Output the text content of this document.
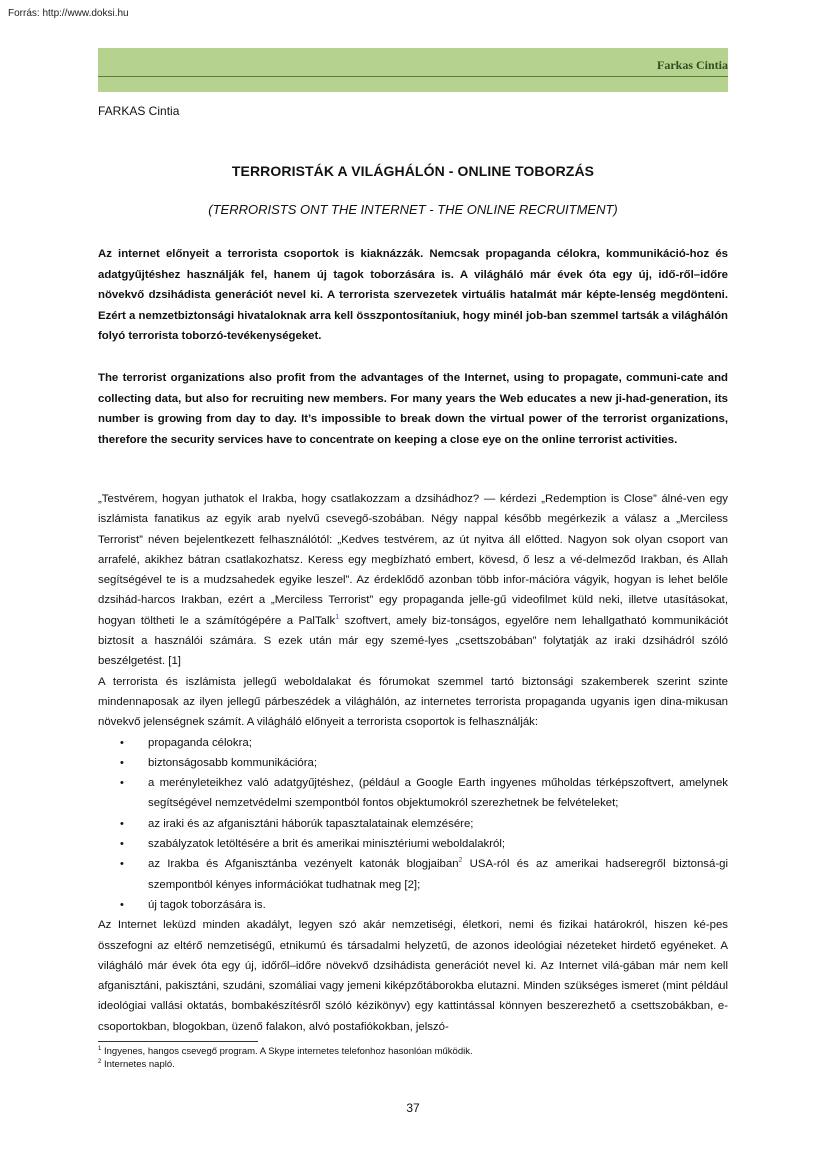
Forrás: http://www.doksi.hu
Farkas Cintia
FARKAS Cintia
TERRORISTÁK A VILÁGHÁLÓN - ONLINE TOBORZÁS
(TERRORISTS ONT THE INTERNET - THE ONLINE RECRUITMENT)

Az internet előnyeit a terrorista csoportok is kiaknázzák. Nemcsak propaganda célokra, kommunikáció-hoz és adatgyűjtéshez használják fel, hanem új tagok toborzására is. A világháló már évek óta egy új, idő-ről–időre növekvő dzsihádista generációt nevel ki. A terrorista szervezetek virtuális hatalmát már képte-lenség megdönteni. Ezért a nemzetbiztonsági hivataloknak arra kell összpontosítaniuk, hogy minél job-ban szemmel tartsák a világhálón folyó terrorista toborzó-tevékenységeket.

The terrorist organizations also profit from the advantages of the Internet, using to propagate, communi-cate and collecting data, but also for recruiting new members. For many years the Web educates a new ji-had-generation, its number is growing from day to day. It’s impossible to break down the virtual power of the terrorist organizations, therefore the security services have to concentrate on keeping a close eye on the online terrorist activities.

„Testvérem, hogyan juthatok el Irakba, hogy csatlakozzam a dzsihádhoz? — kérdezi „Redemption is Close” álné-ven egy iszlámista fanatikus az egyik arab nyelvű csevegő-szobában. Négy nappal később megérkezik a válasz a „Merciless Terrorist” néven bejelentkezett felhasználótól: „Kedves testvérem, az út nyitva áll előtted. Nagyon sok olyan csoport van arrafelé, akikhez bátran csatlakozhatsz. Keress egy megbízható embert, kövesd, ő lesz a vé-delmeződ Irakban, és Allah segítségével te is a mudzsahedek egyike leszel”. Az érdeklődő azonban több infor-mációra vágyik, hogyan is lehet belőle dzsihád-harcos Irakban, ezért a „Merciless Terrorist” egy propaganda jelle-gű videofilmet küld neki, illetve utasításokat, hogyan töltheti le a számítógépére a PalTalk$^1$ szoftvert, amely biz-tonságos, egyelőre nem lehallgatható kommunikációt biztosít a használói számára. S ezek után már egy szemé-lyes „csettszobában” folytatják az iraki dzsihádról szóló beszélgetést. [1]

A terrorista és iszlámista jellegű weboldalakat és fórumokat szemmel tartó biztonsági szakemberek szerint szinte mindennaposak az ilyen jellegű párbeszédek a világhálón, az internetes terrorista propaganda ugyanis igen dina-mikusan növekvő jelenségnek számít. A világháló előnyeit a terrorista csoportok is felhasználják:

• propaganda célokra;
• biztonságosabb kommunikációra;
• a merényleteikhez való adatgyűjtéshez, (például a Google Earth ingyenes műholdas térképszoftvert, amelynek segítségével nemzetvédelmi szempontból fontos objektumokról szerezhetnek be felvételeket;
• az iraki és az afganisztáni háborúk tapasztalatainak elemzésére;
• szabályzatok letöltésére a brit és amerikai minisztériumi weboldalakról;
• az Irakba és Afganisztánba vezényelt katonák blogjaiban$^2$ USA-ról és az amerikai hadseregről biztonsá-gi szempontból kényes információkat tudhatnak meg [2];
• új tagok toborzására is.

Az Internet leküzd minden akadályt, legyen szó akár nemzetiségi, életkori, nemi és fizikai határokról, hiszen ké-pes összefogni az eltérő nemzetiségű, etnikumú és társadalmi helyzetű, de azonos ideológiai nézeteket hirdető egyéneket. A világháló már évek óta egy új, időről–időre növekvő dzsihádista generációt nevel ki. Az Internet vilá-gában már nem kell afganisztáni, pakisztáni, szudáni, szomáliai vagy jemeni kiképzőtáborokba elutazni. Minden szükséges ismeret (mint például ideológiai vallási oktatás, bombakészítésről szóló kézikönyv) egy kattintással könnyen beszerezhető a csettszobákban, e-csoportokban, blogokban, üzenő falakon, alvó postafiókokban, jelszó-

$^1$ Ingyenes, hangos csevegő program. A Skype internetes telefonhoz hasonlóan működik.
$^2$ Internetes napló.
37
